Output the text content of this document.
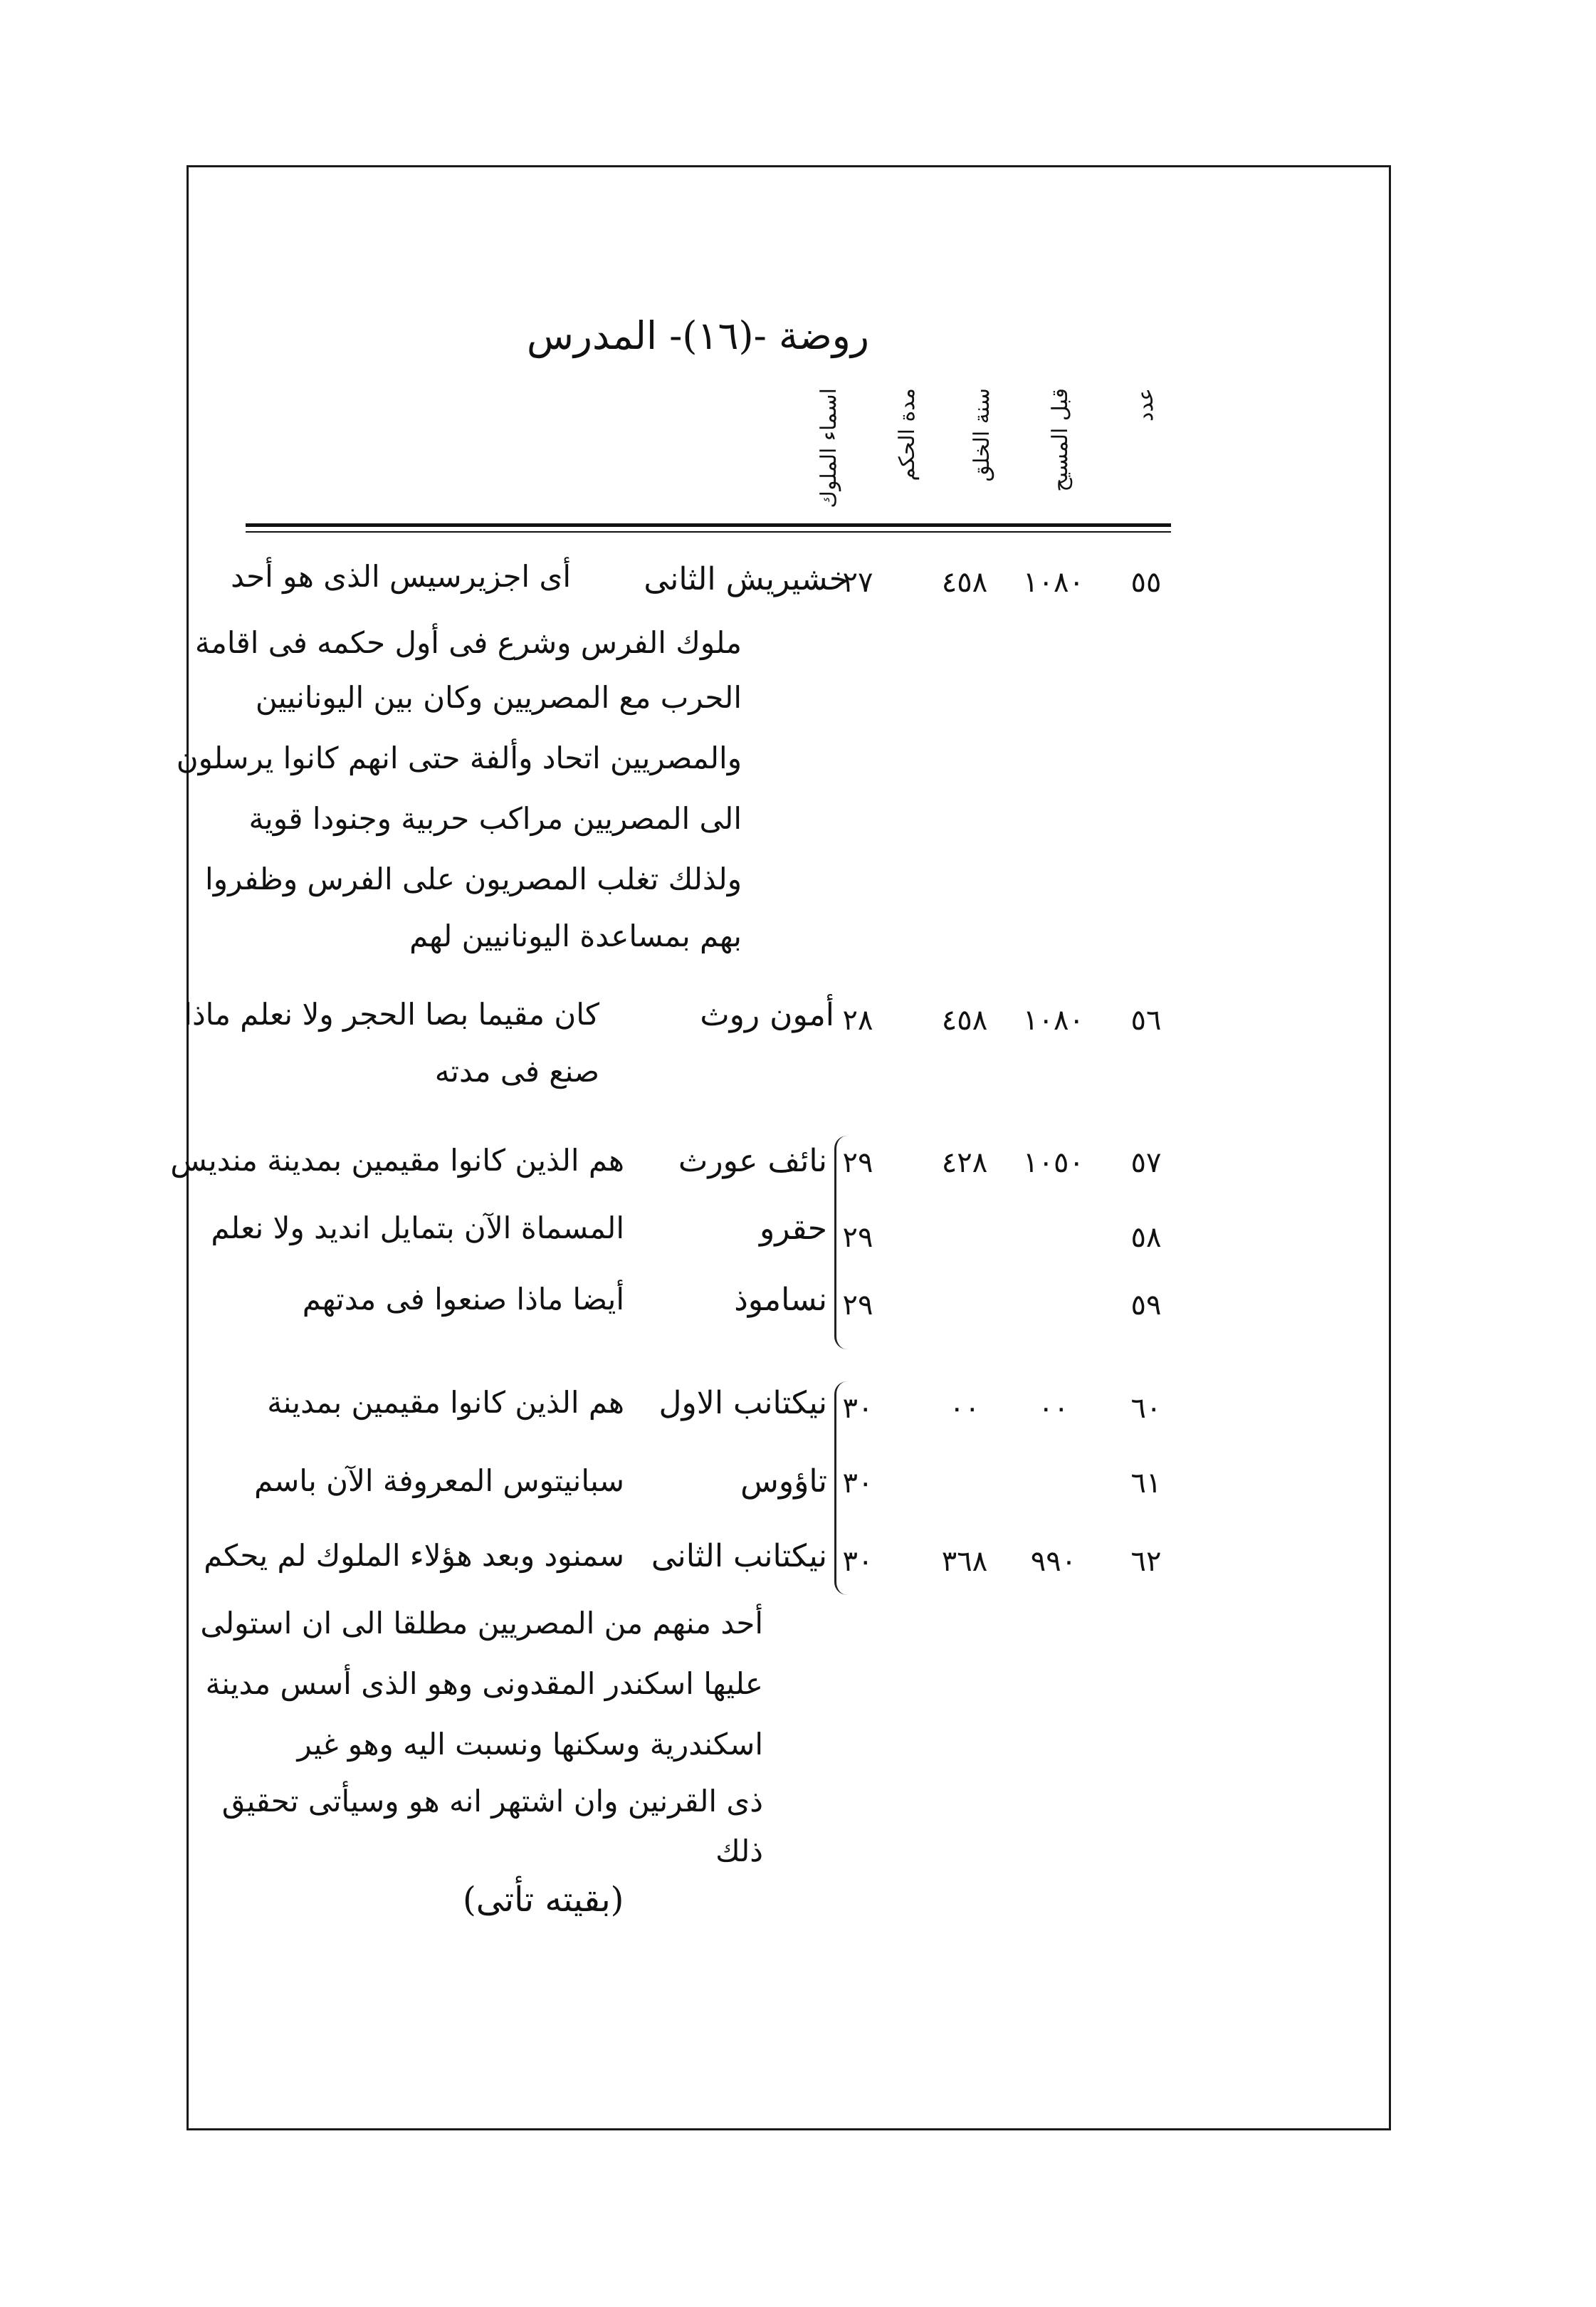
روضة -(١٦)- المدرس
عدد
قبل المسيح
سنة الخلق
مدة الحكم
اسماء الملوك
٥٥
١٠٨٠
٤٥٨
٢٧
خشيريش الثانى
أى اجزيرسيس الذى هو أحد
ملوك الفرس وشرع فى أول حكمه فى اقامة
الحرب مع المصريين وكان بين اليونانيين
والمصريين اتحاد وألفة حتى انهم كانوا يرسلون
الى المصريين مراكب حربية وجنودا قوية
ولذلك تغلب المصريون على الفرس وظفروا
بهم بمساعدة اليونانيين لهم
٥٦
١٠٨٠
٤٥٨
٢٨
أمون روث
كان مقيما بصا الحجر ولا نعلم ماذا
صنع فى مدته
٥٧
١٠٥٠
٤٢٨
٢٩
نائف عورث
هم الذين كانوا مقيمين بمدينة منديس
٥٨
٢٩
حقرو
المسماة الآن بتمايل انديد ولا نعلم
٥٩
٢٩
نساموذ
أيضا ماذا صنعوا فى مدتهم
٦٠
٠٠
٠٠
٣٠
نيكتانب الاول
هم الذين كانوا مقيمين بمدينة
٦١
٣٠
تاؤوس
سبانيتوس المعروفة الآن باسم
٦٢
٩٩٠
٣٦٨
٣٠
نيكتانب الثانى
سمنود وبعد هؤلاء الملوك لم يحكم
أحد منهم من المصريين مطلقا الى ان استولى
عليها اسكندر المقدونى وهو الذى أسس مدينة
اسكندرية وسكنها ونسبت اليه وهو غير
ذى القرنين وان اشتهر انه هو وسيأتى تحقيق
ذلك
(بقيته تأتى)
